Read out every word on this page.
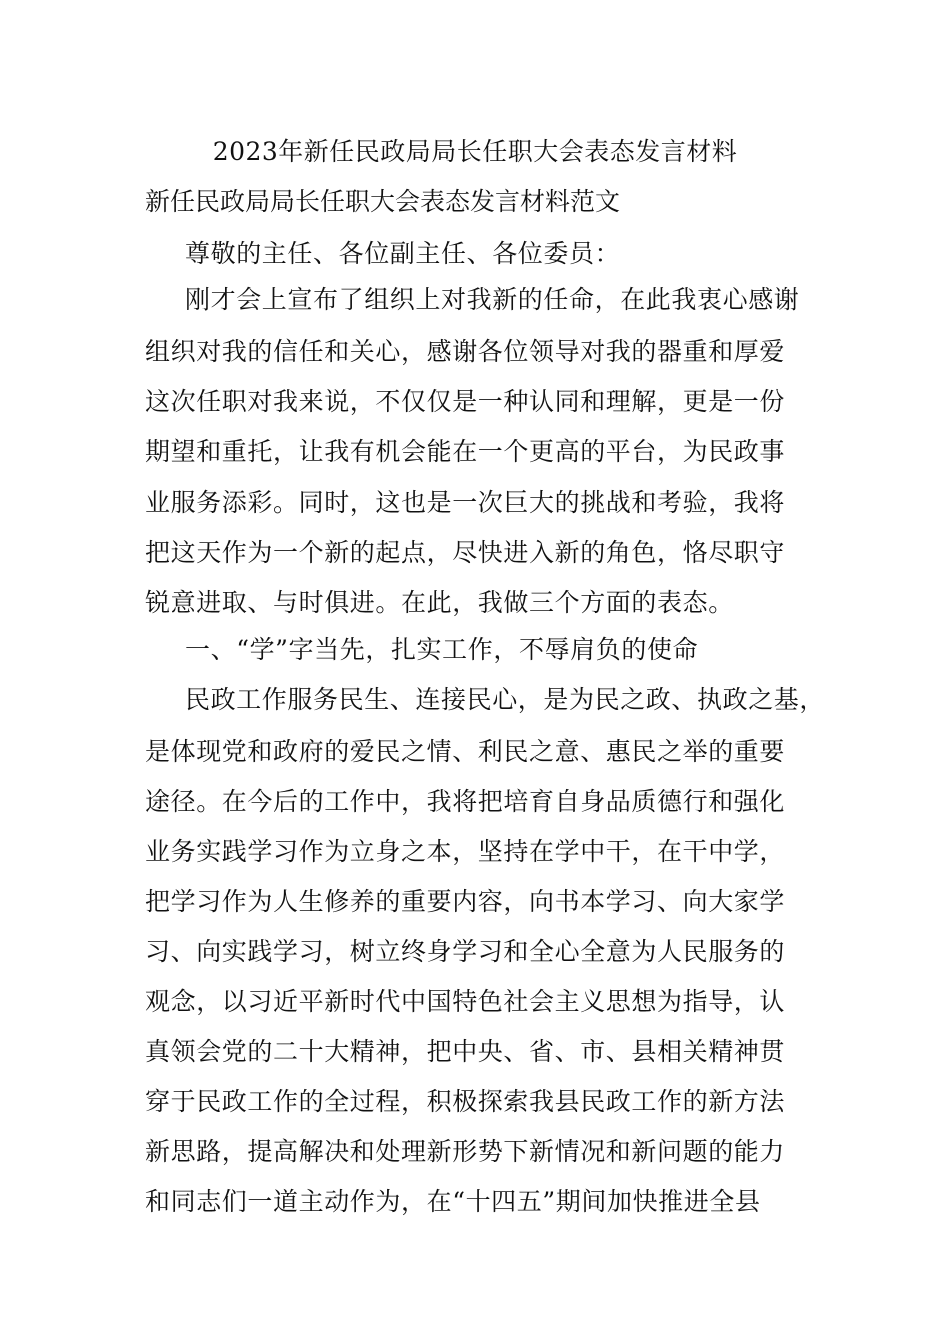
2023年新任民政局局长任职大会表态发言材料
新任民政局局长任职大会表态发言材料范文
尊敬的主任、各位副主任、各位委员：
刚才会上宣布了组织上对我新的任命，在此我衷心感谢
组织对我的信任和关心，感谢各位领导对我的器重和厚爱
这次任职对我来说，不仅仅是一种认同和理解，更是一份
期望和重托，让我有机会能在一个更高的平台，为民政事
业服务添彩。同时，这也是一次巨大的挑战和考验，我将
把这天作为一个新的起点，尽快进入新的角色，恪尽职守
锐意进取、与时俱进。在此，我做三个方面的表态。
一、“学”字当先，扎实工作，不辱肩负的使命
民政工作服务民生、连接民心，是为民之政、执政之基，
是体现党和政府的爱民之情、利民之意、惠民之举的重要
途径。在今后的工作中，我将把培育自身品质德行和强化
业务实践学习作为立身之本，坚持在学中干，在干中学，
把学习作为人生修养的重要内容，向书本学习、向大家学
习、向实践学习，树立终身学习和全心全意为人民服务的
观念，以习近平新时代中国特色社会主义思想为指导，认
真领会党的二十大精神，把中央、省、市、县相关精神贯
穿于民政工作的全过程，积极探索我县民政工作的新方法
新思路，提高解决和处理新形势下新情况和新问题的能力
和同志们一道主动作为，在“十四五”期间加快推进全县
